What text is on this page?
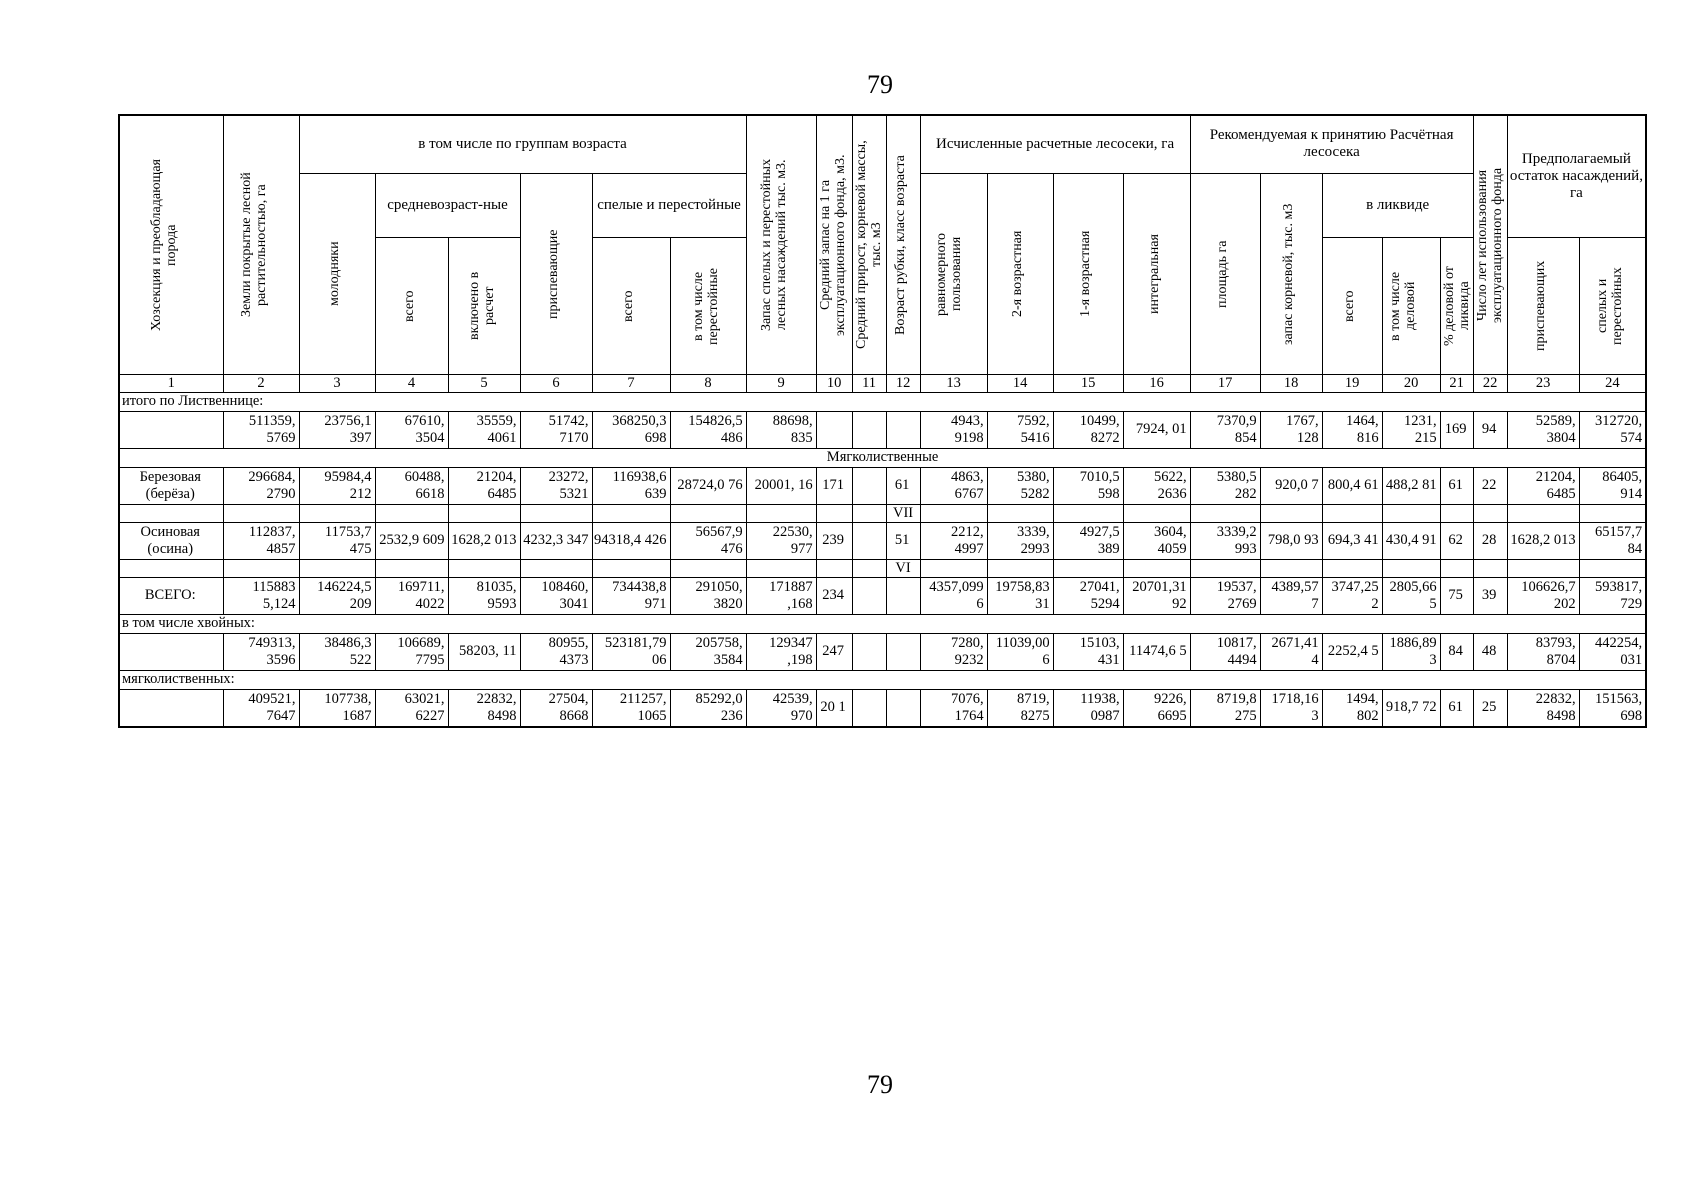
79
Хозсекция и преобладающая порода	Земли покрытые лесной растительностью, га	в том числе по группам возраста						Запас спелых и перестойных лесных насаждений тыс. м3.	Средний запас на 1 га эксплуатационного фонда, м3.	Средний прирост, корневой массы, тыс. м3	Возраст рубки, класс возраста	Исчисленные расчетные лесосеки, га				Рекомендуемая к принятию Расчётная лесосека					Число лет использования эксплуатационного фонда	Предполагаемый остаток насаждений, га	

		молодняки	средневозраст-ные		приспевающие	спелые и перестойные						равномерного пользования	2-я возрастная	1-я возрастная	интегральная	площадь га	запас корневой, тыс. м3	в ликвиде					

			всего	включено в расчет		всего	в том числе перестойные											всего	в том числе деловой	% деловой от ликвида		приспевающих	спелых и перестойных

1	2	3	4	5	6	7	8	9	10	11	12	13	14	15	16	17	18	19	20	21	22	23	24
итого по Лиственнице:																							
	511359, 5769	23756,1 397	67610, 3504	35559, 4061	51742, 7170	368250,3 698	154826,5 486	88698, 835				4943, 9198	7592, 5416	10499, 8272	7924, 01	7370,9 854	1767, 128	1464, 816	1231, 215	169	94	52589, 3804	312720, 574
Мягколиственные																							
Березовая (берёза)	296684, 2790	95984,4 212	60488, 6618	21204, 6485	23272, 5321	116938,6 639	28724,0 76	20001, 16	171		61	4863, 6767	5380, 5282	7010,5 598	5622, 2636	5380,5 282	920,0 7	800,4 61	488,2 81	61	22	21204, 6485	86405, 914
											VII												
Осиновая (осина)	112837, 4857	11753,7 475	2532,9 609	1628,2 013	4232,3 347	94318,4 426	56567,9 476	22530, 977	239		51	2212, 4997	3339, 2993	4927,5 389	3604, 4059	3339,2 993	798,0 93	694,3 41	430,4 91	62	28	1628,2 013	65157,7 84
											VI												
ВСЕГО:	115883 5,124	146224,5 209	169711, 4022	81035, 9593	108460, 3041	734438,8 971	291050, 3820	171887 ,168	234			4357,099 6	19758,83 31	27041, 5294	20701,31 92	19537, 2769	4389,57 7	3747,25 2	2805,66 5	75	39	106626,7 202	593817, 729
в том числе хвойных:																							
	749313, 3596	38486,3 522	106689, 7795	58203, 11	80955, 4373	523181,79 06	205758, 3584	129347 ,198	247			7280, 9232	11039,00 6	15103, 431	11474,6 5	10817, 4494	2671,41 4	2252,4 5	1886,89 3	84	48	83793, 8704	442254, 031
мягколиственных:																							
	409521, 7647	107738, 1687	63021, 6227	22832, 8498	27504, 8668	211257, 1065	85292,0 236	42539, 970	20 1			7076, 1764	8719, 8275	11938, 0987	9226, 6695	8719,8 275	1718,16 3	1494, 802	918,7 72	61	25	22832, 8498	151563, 698
79
